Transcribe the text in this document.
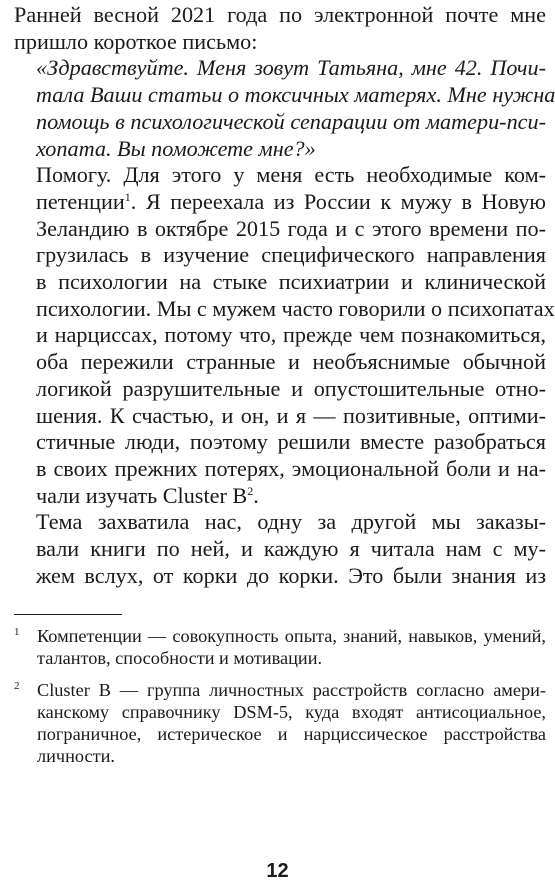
Ранней весной 2021 года по электронной почте мне
пришло короткое письмо:

«Здравствуйте. Меня зовут Татьяна, мне 42. Почи-
тала Ваши статьи о токсичных матерях. Мне нужна
помощь в психологической сепарации от матери-пси-
хопата. Вы поможете мне?»

Помогу. Для этого у меня есть необходимые ком-
петенции$^1$. Я переехала из России к мужу в Новую
Зеландию в октябре 2015 года и с этого времени по-
грузилась в изучение специфического направления
в психологии на стыке психиатрии и клинической
психологии. Мы с мужем часто говорили о психопатах
и нарциссах, потому что, прежде чем познакомиться,
оба пережили странные и необъяснимые обычной
логикой разрушительные и опустошительные отно-
шения. К счастью, и он, и я — позитивные, оптими-
стичные люди, поэтому решили вместе разобраться
в своих прежних потерях, эмоциональной боли и на-
чали изучать Cluster $B^2$.

Тема захватила нас, одну за другой мы заказы-
вали книги по ней, и каждую я читала нам с му-
жем вслух, от корки до корки. Это были знания из

1 Компетенции — совокупность опыта, знаний, навыков, умений,
талантов, способности и мотивации.
2 Cluster B — группа личностных расстройств согласно амери-
канскому справочнику DSM-5, куда входят антисоциальное,
пограничное, истерическое и нарциссическое расстройства
личности.
12
